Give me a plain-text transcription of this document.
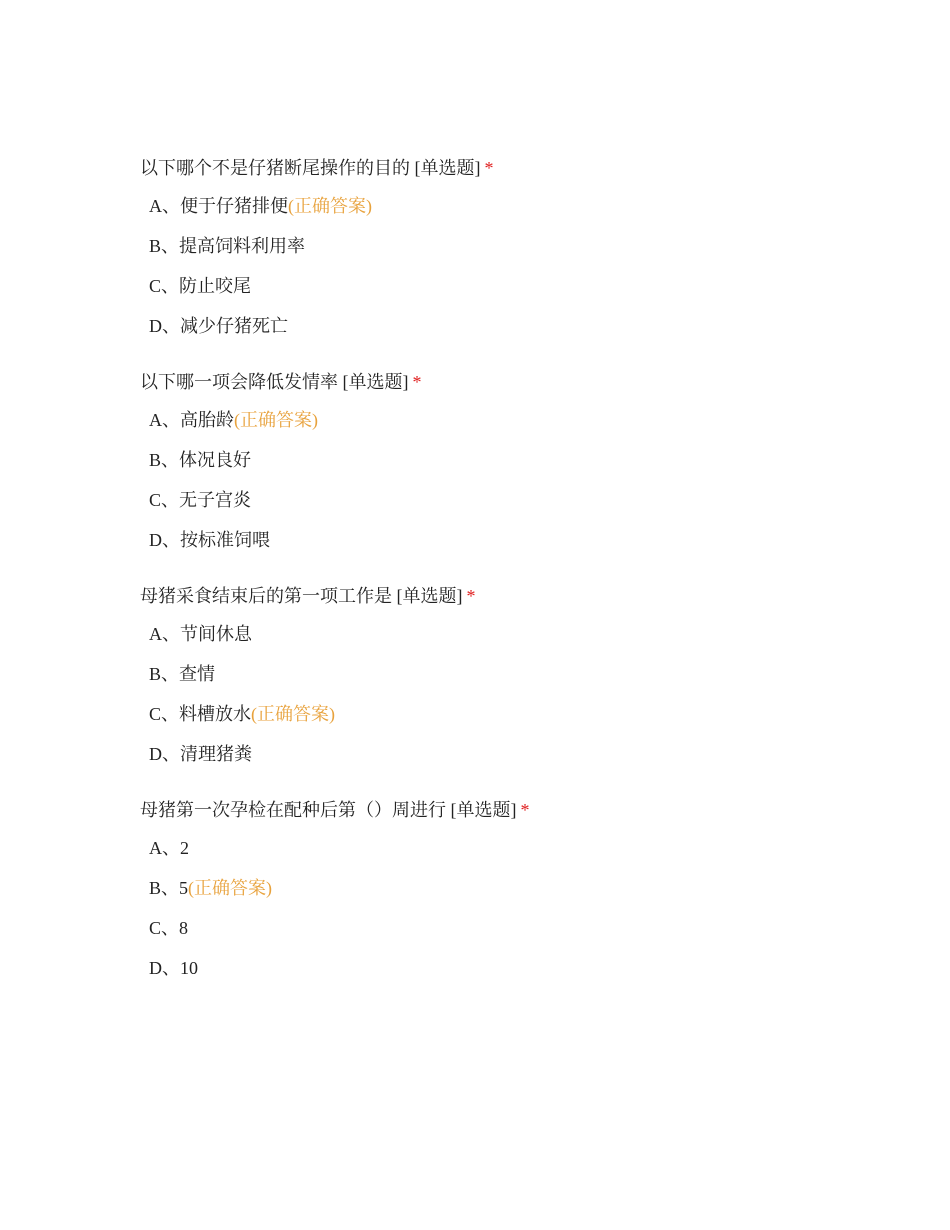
以下哪个不是仔猪断尾操作的目的 [单选题] *
A、便于仔猪排便(正确答案)
B、提高饲料利用率
C、防止咬尾
D、减少仔猪死亡
以下哪一项会降低发情率 [单选题] *
A、高胎龄(正确答案)
B、体况良好
C、无子宫炎
D、按标准饲喂
母猪采食结束后的第一项工作是 [单选题] *
A、节间休息
B、查情
C、料槽放水(正确答案)
D、清理猪粪
母猪第一次孕检在配种后第（）周进行 [单选题] *
A、2
B、5(正确答案)
C、8
D、10
